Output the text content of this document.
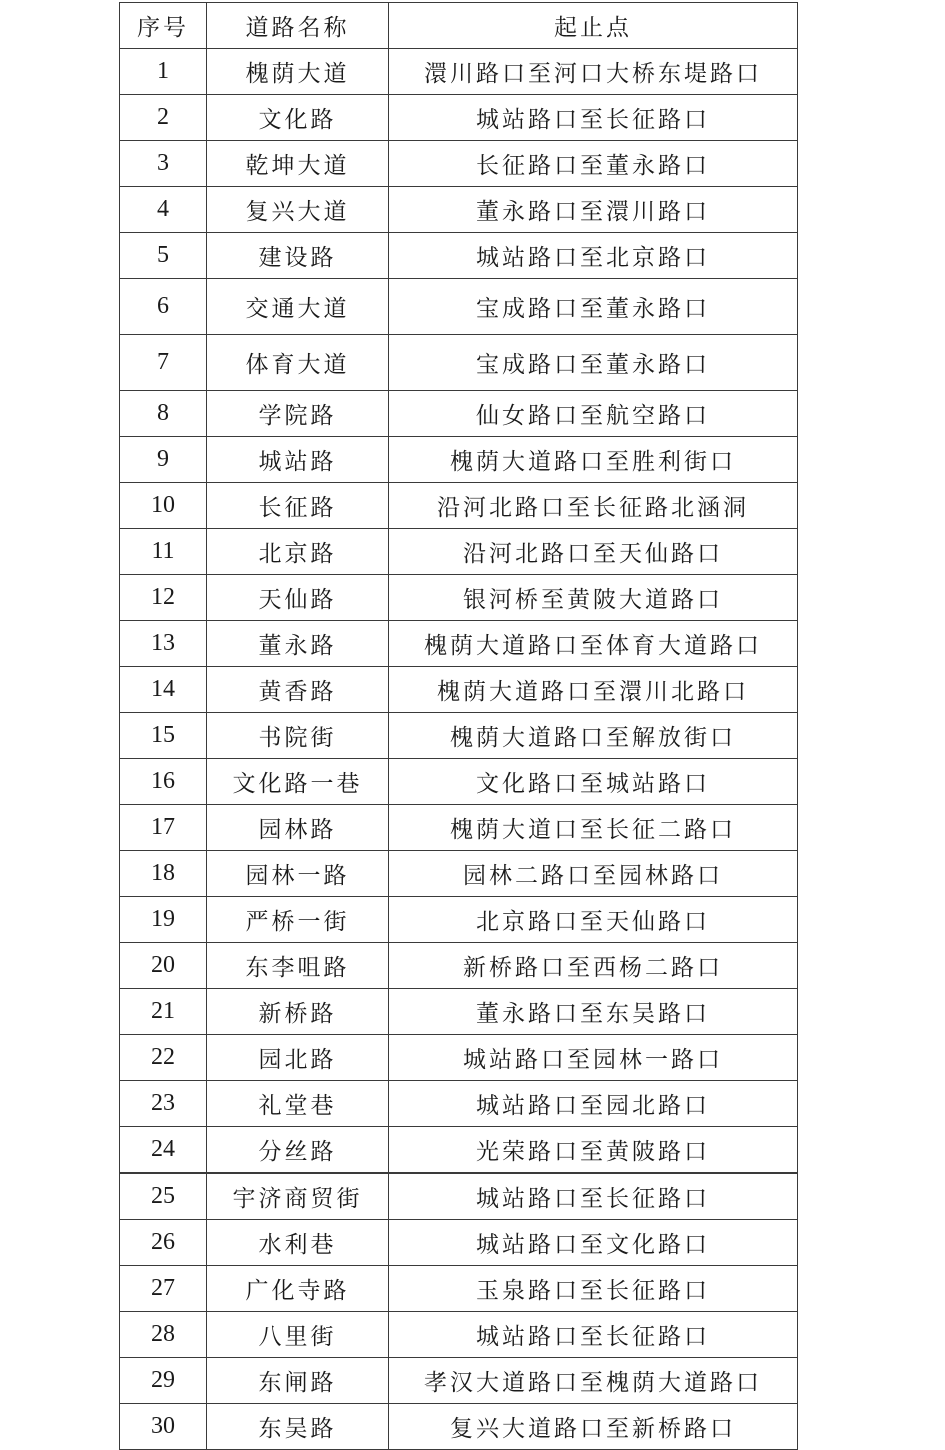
序号	道路名称	起止点
1	槐荫大道	澴川路口至河口大桥东堤路口
2	文化路	城站路口至长征路口
3	乾坤大道	长征路口至董永路口
4	复兴大道	董永路口至澴川路口
5	建设路	城站路口至北京路口
6	交通大道	宝成路口至董永路口
7	体育大道	宝成路口至董永路口
8	学院路	仙女路口至航空路口
9	城站路	槐荫大道路口至胜利街口
10	长征路	沿河北路口至长征路北涵洞
11	北京路	沿河北路口至天仙路口
12	天仙路	银河桥至黄陂大道路口
13	董永路	槐荫大道路口至体育大道路口
14	黄香路	槐荫大道路口至澴川北路口
15	书院街	槐荫大道路口至解放街口
16	文化路一巷	文化路口至城站路口
17	园林路	槐荫大道口至长征二路口
18	园林一路	园林二路口至园林路口
19	严桥一街	北京路口至天仙路口
20	东李咀路	新桥路口至西杨二路口
21	新桥路	董永路口至东吴路口
22	园北路	城站路口至园林一路口
23	礼堂巷	城站路口至园北路口
24	分丝路	光荣路口至黄陂路口
25	宇济商贸街	城站路口至长征路口
26	水利巷	城站路口至文化路口
27	广化寺路	玉泉路口至长征路口
28	八里街	城站路口至长征路口
29	东闸路	孝汉大道路口至槐荫大道路口
30	东吴路	复兴大道路口至新桥路口
